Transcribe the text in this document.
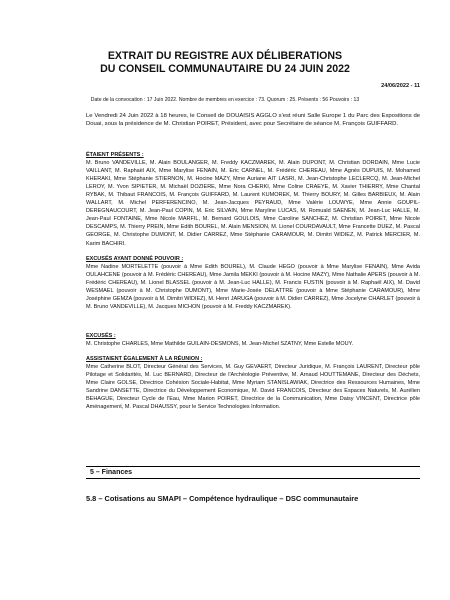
EXTRAIT DU REGISTRE AUX DÉLIBERATIONS
DU CONSEIL COMMUNAUTAIRE DU 24 JUIN 2022
24/06/2022 - 11
Date de la convocation : 17 Juin 2022. Nombre de membres en exercice : 73. Quorum : 25. Présents : 56 Pouvoirs : 13
Le Vendredi 24 Juin 2022 à 18 heures, le Conseil de DOUAISIS AGGLO s'est réuni Salle Europe 1 du Parc des Expositions de Douai, sous la présidence de M. Christian POIRET, Président, avec pour Secrétaire de séance M. François GUIFFARD.
ÉTAIENT PRÉSENTS :
M. Bruno VANDEVILLE, M. Alain BOULANGER, M. Freddy KACZMAREK, M. Alain DUPONT, M. Christian DORDAIN, Mme Lucie VAILLANT, M. Raphaël AIX, Mme Marylise FENAIN, M. Eric CARNEL, M. Frédéric CHEREAU, Mme Agnès DUPUIS, M. Mohamed KHERAKI, Mme Stéphanie STIERNON, M. Hocine MAZY, Mme Auriane AIT LASRI, M. Jean-Christophe LECLERCQ, M. Jean-Michel LEROY, M. Yvon SIPIETER, M. Michaël DOZIERE, Mme Nora CHERKI, Mme Coline CRAEYE, M. Xavier THIERRY, Mme Chantal RYBAK, M. Thibaut FRANCOIS, M. François GUIFFARD, M. Laurent KUMOREK, M. Thierry BOURY, M. Gilles BARBIEUX, M. Alain WALLART, M. Michel PERFERENCINO, M. Jean-Jacques PEYRAUD, Mme Valérie LOUWYE, Mme Annie GOUPIL-DEREGNAUCOURT, M. Jean-Paul COPIN, M. Eric SILVAIN, Mme Maryline LUCAS, M. Romuald SAENEN, M. Jean-Luc HALLE, M. Jean-Paul FONTAINE, Mme Nicole MARFIL, M. Bernard GOULOIS, Mme Caroline SANCHEZ, M. Christian POIRET, Mme Nicole DESCAMPS, M. Thierry PREIN, Mme Edith BOUREL, M. Alain MENSION, M. Lionel COURDAVAULT, Mme Francette DUEZ, M. Pascal GEORGE, M. Christophe DUMONT, M. Didier CARREZ, Mme Stéphanie CARAMOUR, M. Dimitri WIDIEZ, M. Patrick MERCIER, M. Karim BACHIRI.
EXCUSÉS AYANT DONNÉ POUVOIR :
Mme Nadine MORTELETTE (pouvoir à Mme Edith BOUREL), M. Claude HEGO (pouvoir à Mme Marylise FENAIN), Mme Avida OULAHCENE (pouvoir à M. Frédéric CHEREAU), Mme Jamila MEKKI (pouvoir à M. Hocine MAZY), Mme Nathalie APERS (pouvoir à M. Frédéric CHEREAU), M. Lionel BLASSEL (pouvoir à M. Jean-Luc HALLE), M. Francis FUSTIN (pouvoir à M. Raphaël AIX), M. David WESMAEL (pouvoir à M. Christophe DUMONT), Mme Marie-Josée DELATTRE (pouvoir à Mme Stéphanie CARAMOUR), Mme Joséphine GEMZA (pouvoir à M. Dimitri WIDIEZ), M. Henri JARUGA (pouvoir à M. Didier CARREZ), Mme Jocelyne CHARLET (pouvoir à M. Bruno VANDEVILLE), M. Jacques MICHON (pouvoir à M. Freddy KACZMAREK).
EXCUSÉS :
M. Christophe CHARLES, Mme Mathilde GUILAIN-DESMONS, M. Jean-Michel SZATNY, Mme Estelle MOUY.
ASSISTAIENT ÉGALEMENT À LA RÉUNION :
Mme Catherine BLOT, Directeur Général des Services, M. Guy GEVAERT, Directeur Juridique, M. François LAURENT, Directeur pôle Pilotage et Solidarités, M. Luc BERNARD, Directeur de l'Archéologie Préventive, M. Arnaud HOUTTEMANE, Directeur des Déchets, Mme Claire GOLSE, Directrice Cohésion Sociale-Habitat, Mme Myriam STANISLAWIAK, Directrice des Ressources Humaines, Mme Sandrine DANSETTE, Directrice du Développement Economique, M. David FRANCOIS, Directeur des Espaces Naturels, M. Aurélien BEHAGUE, Directeur Cycle de l'Eau, Mme Marion POIRET, Directrice de la Communication, Mme Daisy VINCENT, Directrice pôle Aménagement, M. Pascal DHAUSSY, pour le Service Technologies Information.
5 – Finances
5.8 – Cotisations au SMAPI – Compétence hydraulique – DSC communautaire
